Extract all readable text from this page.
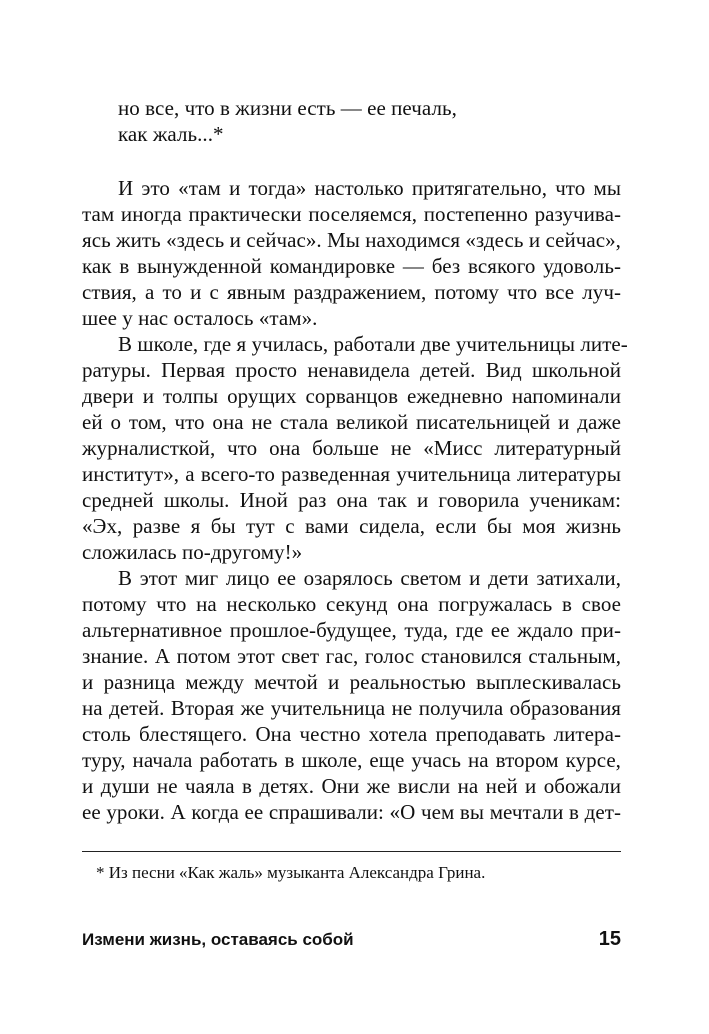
но все, что в жизни есть — ее печаль,
как жаль...*
И это «там и тогда» настолько притягательно, что мы
там иногда практически поселяемся, постепенно разучива-
ясь жить «здесь и сейчас». Мы находимся «здесь и сейчас»,
как в вынужденной командировке — без всякого удоволь-
ствия, а то и с явным раздражением, потому что все луч-
шее у нас осталось «там».
В школе, где я училась, работали две учительницы лите-
ратуры. Первая просто ненавидела детей. Вид школьной
двери и толпы орущих сорванцов ежедневно напоминали
ей о том, что она не стала великой писательницей и даже
журналисткой, что она больше не «Мисс литературный
институт», а всего-то разведенная учительница литературы
средней школы. Иной раз она так и говорила ученикам:
«Эх, разве я бы тут с вами сидела, если бы моя жизнь
сложилась по-другому!»
В этот миг лицо ее озарялось светом и дети затихали,
потому что на несколько секунд она погружалась в свое
альтернативное прошлое-будущее, туда, где ее ждало при-
знание. А потом этот свет гас, голос становился стальным,
и разница между мечтой и реальностью выплескивалась
на детей. Вторая же учительница не получила образования
столь блестящего. Она честно хотела преподавать литера-
туру, начала работать в школе, еще учась на втором курсе,
и души не чаяла в детях. Они же висли на ней и обожали
ее уроки. А когда ее спрашивали: «О чем вы мечтали в дет-
* Из песни «Как жаль» музыканта Александра Грина.
Измени жизнь, оставаясь собой	15
